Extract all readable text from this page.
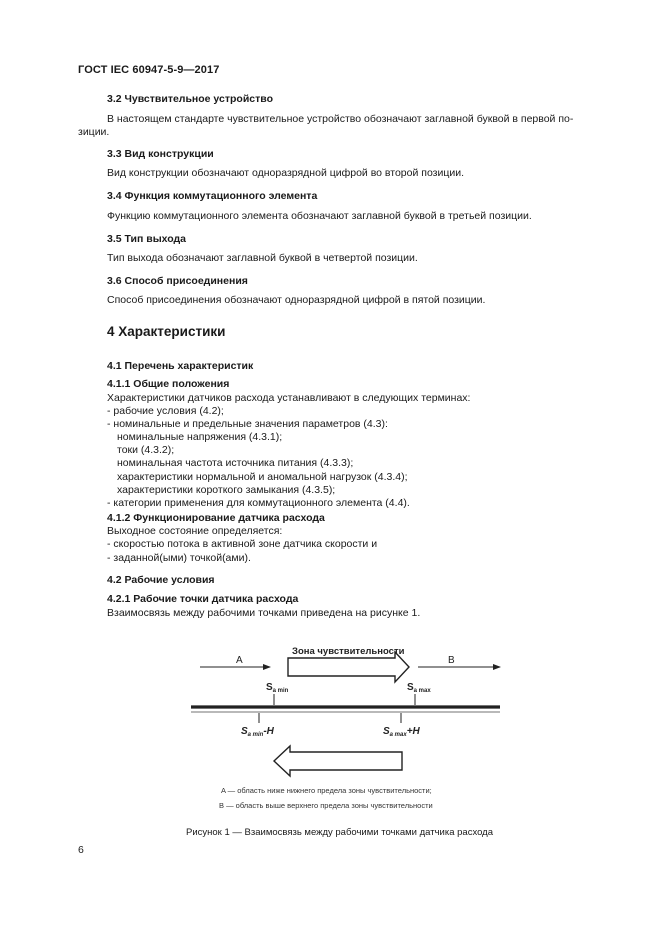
ГОСТ IEC 60947-5-9—2017
3.2 Чувствительное устройство
В настоящем стандарте чувствительное устройство обозначают заглавной буквой в первой по-
зиции.
3.3 Вид конструкции
Вид конструкции обозначают одноразрядной цифрой во второй позиции.
3.4 Функция коммутационного элемента
Функцию коммутационного элемента обозначают заглавной буквой в третьей позиции.
3.5 Тип выхода
Тип выхода обозначают заглавной буквой в четвертой позиции.
3.6 Способ присоединения
Способ присоединения обозначают одноразрядной цифрой в пятой позиции.
4 Характеристики
4.1 Перечень характеристик
4.1.1 Общие положения
Характеристики датчиков расхода устанавливают в следующих терминах:
- рабочие условия (4.2);
- номинальные и предельные значения параметров (4.3):
номинальные напряжения (4.3.1);
токи (4.3.2);
номинальная частота источника питания (4.3.3);
характеристики нормальной и аномальной нагрузок (4.3.4);
характеристики короткого замыкания (4.3.5);
- категории применения для коммутационного элемента (4.4).
4.1.2 Функционирование датчика расхода
Выходное состояние определяется:
- скоростью потока в активной зоне датчика скорости и
- заданной(ыми) точкой(ами).
4.2 Рабочие условия
4.2.1 Рабочие точки датчика расхода
Взаимосвязь между рабочими точками приведена на рисунке 1.
Зона чувствительности
A	B
$S_{a min}$	$S_{a max}$
$S_{a min}-H$	$S_{a max}+H$
A — область ниже нижнего предела зоны чувствительности;
B — область выше верхнего предела зоны чувствительности
Рисунок 1 — Взаимосвязь между рабочими точками датчика расхода
6
